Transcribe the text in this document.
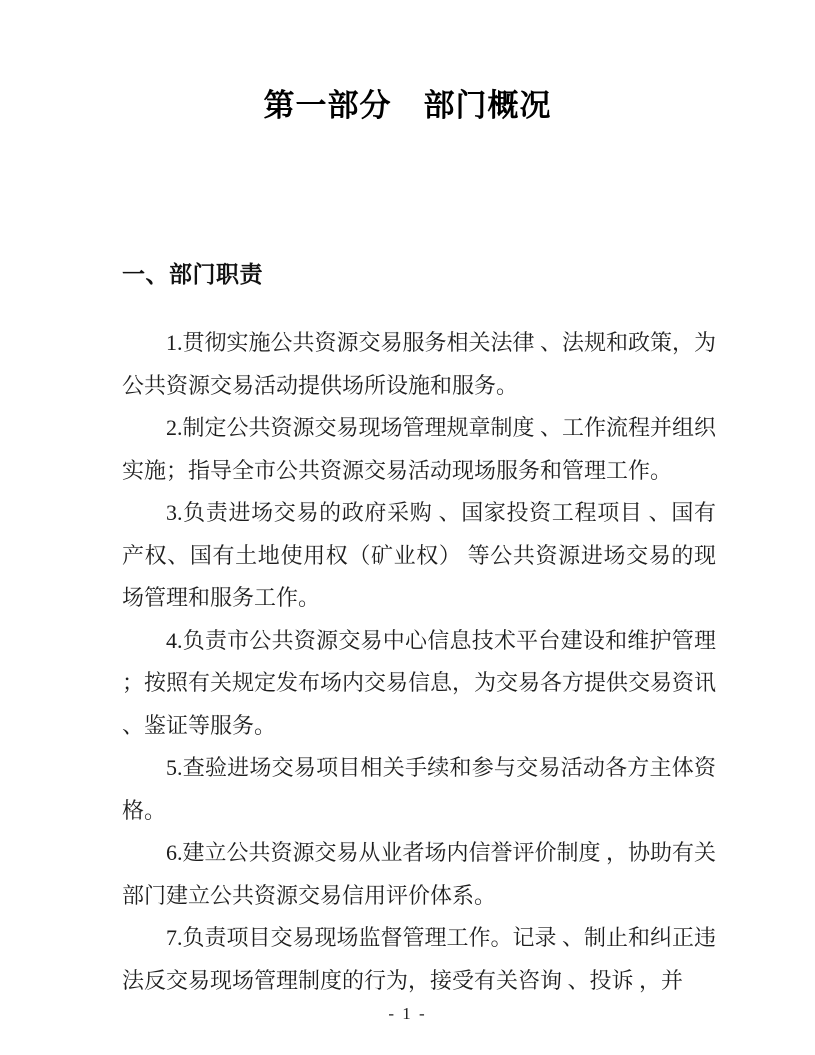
第一部分　部门概况
一、部门职责

1.贯彻实施公共资源交易服务相关法律 、法规和政策，为公共资源交易活动提供场所设施和服务。

2.制定公共资源交易现场管理规章制度 、工作流程并组织实施；指导全市公共资源交易活动现场服务和管理工作。

3.负责进场交易的政府采购 、国家投资工程项目 、国有产权、国有土地使用权（矿业权） 等公共资源进场交易的现场管理和服务工作。

4.负责市公共资源交易中心信息技术平台建设和维护管理 ；按照有关规定发布场内交易信息，为交易各方提供交易资讯 、鉴证等服务。

5.查验进场交易项目相关手续和参与交易活动各方主体资格。

6.建立公共资源交易从业者场内信誉评价制度 ，协助有关部门建立公共资源交易信用评价体系。

7.负责项目交易现场监督管理工作。记录 、制止和纠正违法反交易现场管理制度的行为，接受有关咨询 、投诉 ，并

- 1 -
